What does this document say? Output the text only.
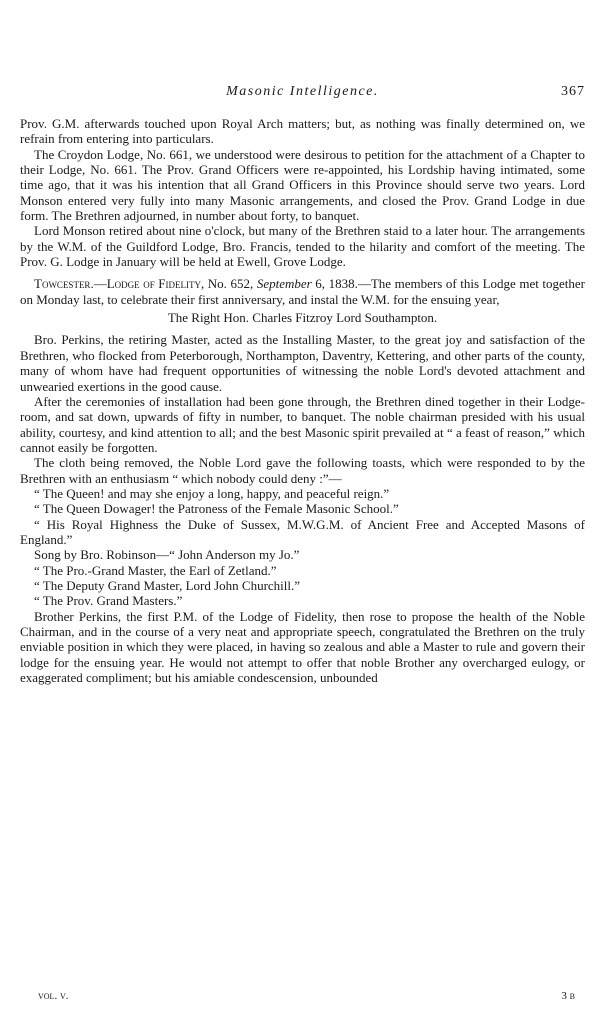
Masonic Intelligence.	367

Prov. G.M. afterwards touched upon Royal Arch matters; but, as nothing was finally determined on, we refrain from entering into particulars.

The Croydon Lodge, No. 661, we understood were desirous to petition for the attachment of a Chapter to their Lodge, No. 661. The Prov. Grand Officers were re-appointed, his Lordship having intimated, some time ago, that it was his intention that all Grand Officers in this Province should serve two years. Lord Monson entered very fully into many Masonic arrangements, and closed the Prov. Grand Lodge in due form. The Brethren adjourned, in number about forty, to banquet.

Lord Monson retired about nine o'clock, but many of the Brethren staid to a later hour. The arrangements by the W.M. of the Guildford Lodge, Bro. Francis, tended to the hilarity and comfort of the meeting. The Prov. G. Lodge in January will be held at Ewell, Grove Lodge.

Towcester.—Lodge of Fidelity, No. 652, September 6, 1838.—The members of this Lodge met together on Monday last, to celebrate their first anniversary, and instal the W.M. for the ensuing year,

The Right Hon. Charles Fitzroy Lord Southampton.

Bro. Perkins, the retiring Master, acted as the Installing Master, to the great joy and satisfaction of the Brethren, who flocked from Peterborough, Northampton, Daventry, Kettering, and other parts of the county, many of whom have had frequent opportunities of witnessing the noble Lord's devoted attachment and unwearied exertions in the good cause.

After the ceremonies of installation had been gone through, the Brethren dined together in their Lodge-room, and sat down, upwards of fifty in number, to banquet. The noble chairman presided with his usual ability, courtesy, and kind attention to all; and the best Masonic spirit prevailed at “ a feast of reason,” which cannot easily be forgotten.

The cloth being removed, the Noble Lord gave the following toasts, which were responded to by the Brethren with an enthusiasm “ which nobody could deny :”—

“ The Queen! and may she enjoy a long, happy, and peaceful reign.”

“ The Queen Dowager! the Patroness of the Female Masonic School.”

“ His Royal Highness the Duke of Sussex, M.W.G.M. of Ancient Free and Accepted Masons of England.”

Song by Bro. Robinson—“ John Anderson my Jo.”

“ The Pro.-Grand Master, the Earl of Zetland.”

“ The Deputy Grand Master, Lord John Churchill.”

“ The Prov. Grand Masters.”

Brother Perkins, the first P.M. of the Lodge of Fidelity, then rose to propose the health of the Noble Chairman, and in the course of a very neat and appropriate speech, congratulated the Brethren on the truly enviable position in which they were placed, in having so zealous and able a Master to rule and govern their lodge for the ensuing year. He would not attempt to offer that noble Brother any overcharged eulogy, or exaggerated compliment; but his amiable condescension, unbounded

vol. v.	3 b
